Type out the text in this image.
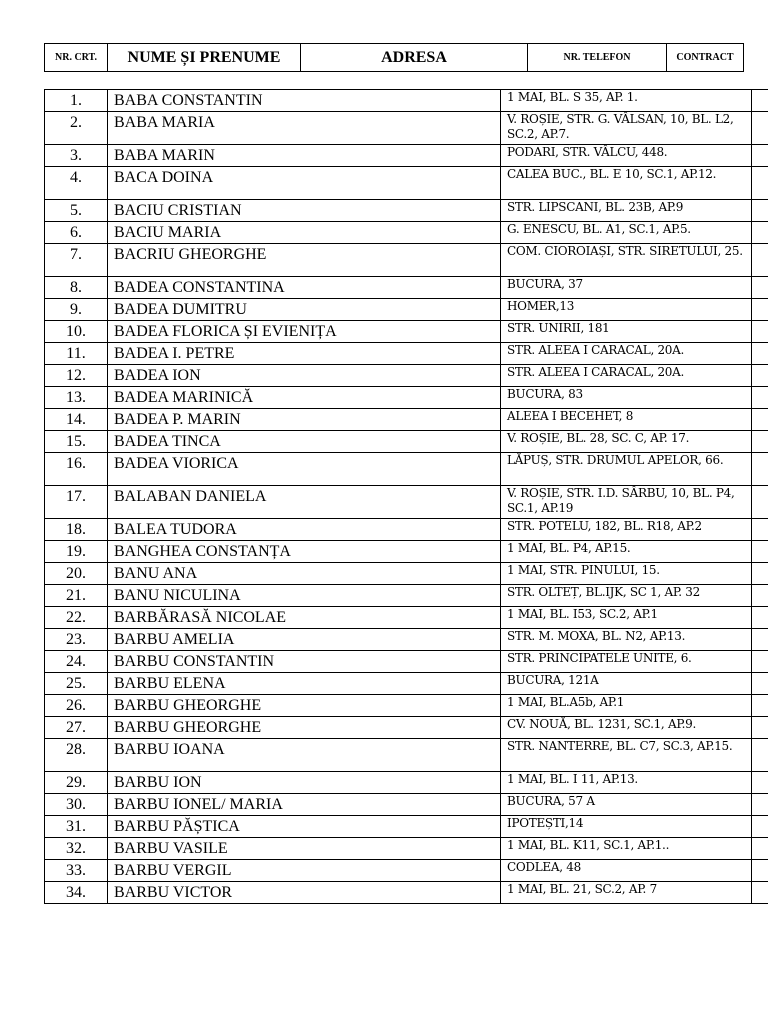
NR. CRT.	NUME ȘI PRENUME	ADRESA	NR. TELEFON	CONTRACT
1.	BABA CONSTANTIN	1 MAI, BL. S 35, AP. 1.	
2.	BABA MARIA	V. ROȘIE, STR. G. VÂLSAN, 10, BL. L2, SC.2, AP.7.	
3.	BABA MARIN	PODARI, STR. VÂLCU, 448.	
4.	BACA DOINA	CALEA BUC., BL. E 10, SC.1, AP.12.	
5.	BACIU CRISTIAN	STR. LIPSCANI, BL. 23B, AP.9	
6.	BACIU MARIA	G. ENESCU, BL. A1, SC.1, AP.5.	
7.	BACRIU GHEORGHE	COM. CIOROIAȘI, STR. SIRETULUI, 25.	
8.	BADEA CONSTANTINA	BUCURA, 37	
9.	BADEA DUMITRU	HOMER,13	
10.	BADEA FLORICA ȘI EVIENIȚA	STR. UNIRII, 181	
11.	BADEA I. PETRE	STR. ALEEA I CARACAL, 20A.	
12.	BADEA ION	STR. ALEEA I CARACAL, 20A.	
13.	BADEA MARINICĂ	BUCURA, 83	
14.	BADEA P. MARIN	ALEEA I BECEHET, 8	
15.	BADEA TINCA	V. ROȘIE, BL. 28, SC. C, AP. 17.	
16.	BADEA VIORICA	LĂPUȘ, STR. DRUMUL APELOR, 66.	
17.	BALABAN DANIELA	V. ROȘIE, STR. I.D. SÂRBU, 10, BL. P4, SC.1, AP.19	
18.	BALEA TUDORA	STR. POTELU, 182, BL. R18, AP.2	
19.	BANGHEA CONSTANȚA	1 MAI, BL. P4, AP.15.	
20.	BANU ANA	1 MAI, STR. PINULUI, 15.	
21.	BANU NICULINA	STR. OLTEȚ, BL.IJK, SC 1, AP. 32	
22.	BARBĂRASĂ NICOLAE	1 MAI, BL. I53, SC.2, AP.1	
23.	BARBU AMELIA	STR. M. MOXA, BL. N2, AP.13.	
24.	BARBU CONSTANTIN	STR. PRINCIPATELE UNITE, 6.	
25.	BARBU ELENA	BUCURA, 121A	
26.	BARBU GHEORGHE	1 MAI, BL.A5b, AP.1	
27.	BARBU GHEORGHE	CV. NOUĂ, BL. 1231, SC.1, AP.9.	
28.	BARBU IOANA	STR. NANTERRE, BL. C7, SC.3, AP.15.	
29.	BARBU ION	1 MAI, BL. I 11, AP.13.	
30.	BARBU IONEL/ MARIA	BUCURA, 57 A	
31.	BARBU PĂȘTICA	IPOTEȘTI,14	
32.	BARBU VASILE	1 MAI, BL. K11, SC.1, AP.1..	
33.	BARBU VERGIL	CODLEA, 48	
34.	BARBU VICTOR	1 MAI, BL. 21, SC.2, AP. 7	
